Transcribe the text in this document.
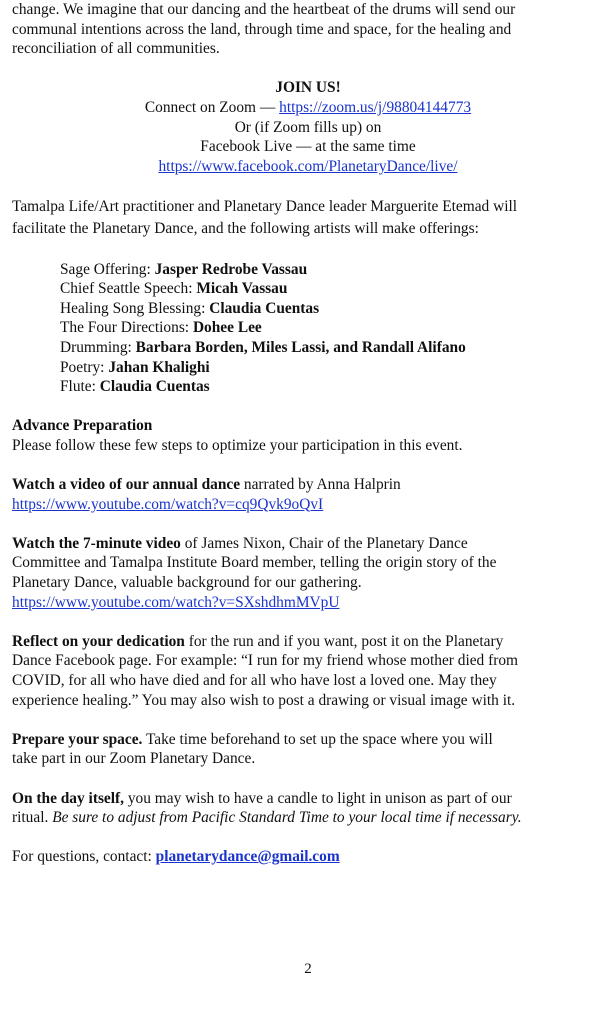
change. We imagine that our dancing and the heartbeat of the drums will send our

communal intentions across the land, through time and space, for the healing and

reconciliation of all communities.

JOIN US!

Connect on Zoom — https://zoom.us/j/98804144773

Or (if Zoom fills up) on

Facebook Live — at the same time

https://www.facebook.com/PlanetaryDance/live/

Tamalpa Life/Art practitioner and Planetary Dance leader Marguerite Etemad will

facilitate the Planetary Dance, and the following artists will make offerings:

Sage Offering: Jasper Redrobe Vassau

Chief Seattle Speech: Micah Vassau

Healing Song Blessing: Claudia Cuentas

The Four Directions: Dohee Lee

Drumming: Barbara Borden, Miles Lassi, and Randall Alifano

Poetry: Jahan Khalighi

Flute: Claudia Cuentas

Advance Preparation

Please follow these few steps to optimize your participation in this event.

Watch a video of our annual dance narrated by Anna Halprin

https://www.youtube.com/watch?v=cq9Qvk9oQvI

Watch the 7-minute video of James Nixon, Chair of the Planetary Dance

Committee and Tamalpa Institute Board member, telling the origin story of the

Planetary Dance, valuable background for our gathering.

https://www.youtube.com/watch?v=SXshdhmMVpU

Reflect on your dedication for the run and if you want, post it on the Planetary

Dance Facebook page. For example: “I run for my friend whose mother died from

COVID, for all who have died and for all who have lost a loved one. May they

experience healing.” You may also wish to post a drawing or visual image with it.

Prepare your space. Take time beforehand to set up the space where you will

take part in our Zoom Planetary Dance.

On the day itself, you may wish to have a candle to light in unison as part of our

ritual. Be sure to adjust from Pacific Standard Time to your local time if necessary.

For questions, contact: planetarydance@gmail.com

2
